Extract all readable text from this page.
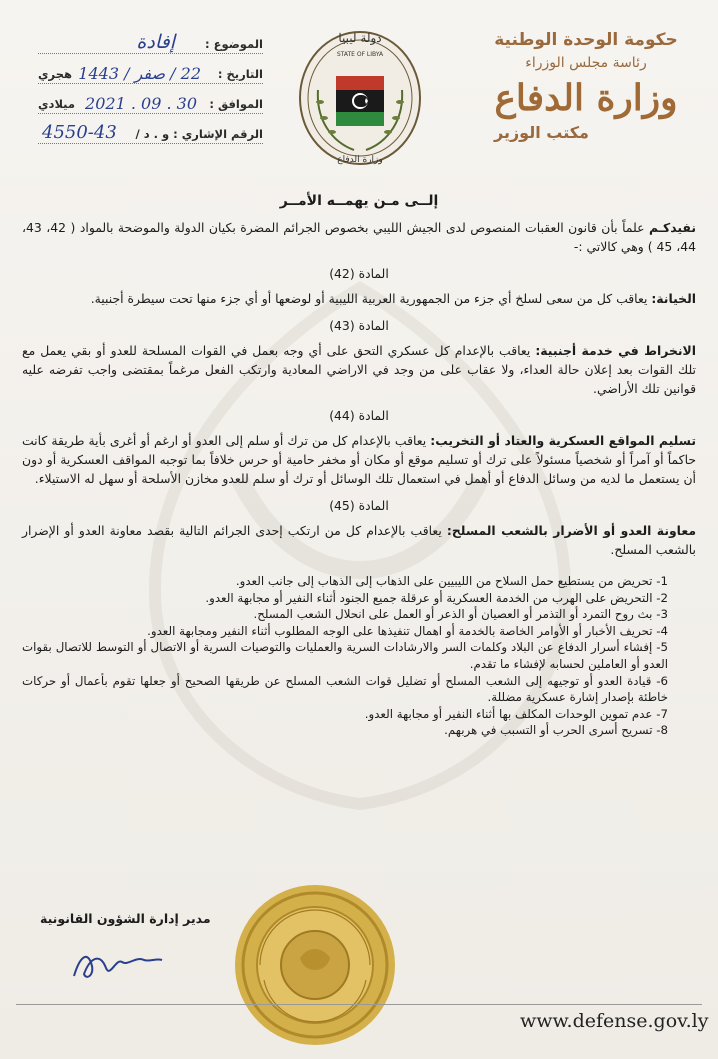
حكومة الوحدة الوطنية
رئاسة مجلس الوزراء
وزارة الدفاع
مكتب الوزير
دولة ليبيا
STATE OF LIBYA
وزارة الدفاع
الموضوع :
إفادة
التاريخ :
22 / صفر / 1443
هجري
الموافق :
2021 . 09 . 30
ميلادي
الرقم الإشاري : و . د /
4550-43
إلــى مـن يهمــه الأمــر

نفيدكـم علماً بأن قانون العقبات المنصوص لدى الجيش الليبي بخصوص الجرائم المضرة بكيان الدولة والموضحة بالمواد ( 42، 43، 44، 45 ) وهي كالاتي :-

المادة (42)

الخيانة: يعاقب كل من سعى لسلخ أي جزء من الجمهورية العربية الليبية أو لوضعها أو أي جزء منها تحت سيطرة أجنبية.

المادة (43)

الانخراط في خدمة أجنبية: يعاقب بالإعدام كل عسكري التحق على أي وجه بعمل في القوات المسلحة للعدو أو بقي يعمل مع تلك القوات بعد إعلان حالة العداء، ولا عقاب على من وجد في الاراضي المعادية وارتكب الفعل مرغماً بمقتضى واجب تفرضه عليه قوانين تلك الأراضي.

المادة (44)

تسليم المواقع العسكرية والعتاد أو التخريب: يعاقب بالإعدام كل من ترك أو سلم إلى العدو أو ارغم أو أغرى بأية طريقة كانت حاكماً أو آمراً أو شخصياً مسئولاً على ترك أو تسليم موقع أو مكان أو مخفر حامية أو حرس خلافاً بما توجبه المواقف العسكرية أو دون أن يستعمل ما لديه من وسائل الدفاع أو أهمل في استعمال تلك الوسائل أو ترك أو سلم للعدو مخازن الأسلحة أو سهل له الاستيلاء.

المادة (45)

معاونة العدو أو الأضرار بالشعب المسلح: يعاقب بالإعدام كل من ارتكب إحدى الجرائم التالية بقصد معاونة العدو أو الإضرار بالشعب المسلح.

1- تحريض من يستطيع حمل السلاح من الليبيين على الذهاب إلى الذهاب إلى جانب العدو.
2- التحريض على الهرب من الخدمة العسكرية أو عرقلة جميع الجنود أثناء النفير أو مجابهة العدو.
3- بث روح التمرد أو التذمر أو العصيان أو الذعر أو العمل على انحلال الشعب المسلح.
4- تحريف الأخبار أو الأوامر الخاصة بالخدمة أو اهمال تنفيذها على الوجه المطلوب أثناء النفير ومجابهة العدو.
5- إفشاء أسرار الدفاع عن البلاد وكلمات السر والارشادات السرية والعمليات والتوصيات السرية أو الاتصال أو التوسط للاتصال بقوات العدو أو العاملين لحسابه لإفشاء ما تقدم.
6- قيادة العدو أو توجيهه إلى الشعب المسلح أو تضليل قوات الشعب المسلح عن طريقها الصحيح أو جعلها تقوم بأعمال أو حركات خاطئة بإصدار إشارة عسكرية مضللة.
7- عدم تموين الوحدات المكلف بها أثناء النفير أو مجابهة العدو.
8- تسريح أسرى الحرب أو التسبب في هربهم.
مدير إدارة الشؤون القانونية
www.defense.gov.ly
